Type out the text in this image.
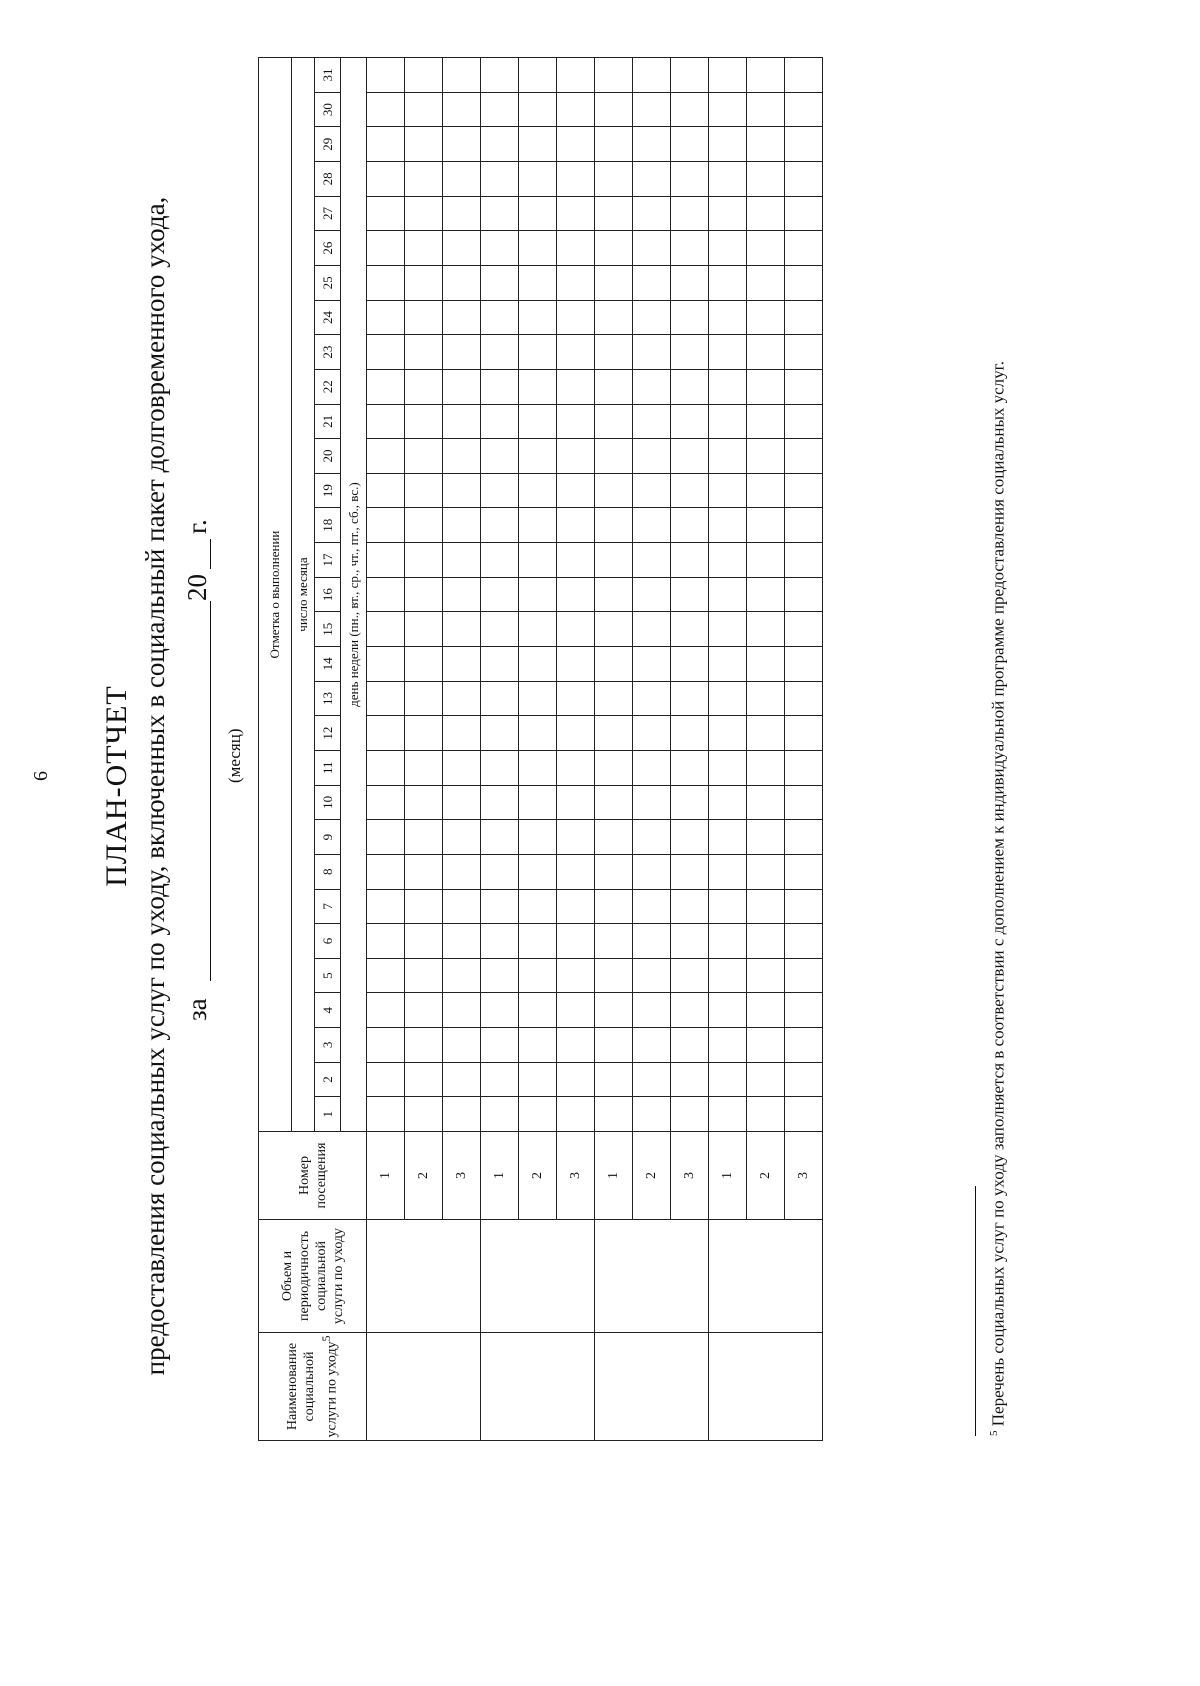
6 ПЛАН-ОТЧЕТ предоставления социальных услуг по уходу, включенных в социальный пакет долговременного ухода, за
20
г.
(месяц)
Наименование социальной услуги по уходу$^5$	Объем и периодичность социальной услуги по уходу	Номер посещения	Отметка о выполнении																														
			число месяца																														
			1	2	3	4	5	6	7	8	9	10	11	12	13	14	15	16	17	18	19	20	21	22	23	24	25	26	27	28	29	30	31
			день недели (пн., вт., ср., чт., пт., сб., вс.)																														
		1																															
		2																															
		3																															
		1																															
		2																															
		3																															
		1																															
		2																															
		3																															
		1																															
		2																															
		3																															
$^5$ Перечень социальных услуг по уходу заполняется в соответствии с дополнением к индивидуальной программе предоставления социальных услуг.
